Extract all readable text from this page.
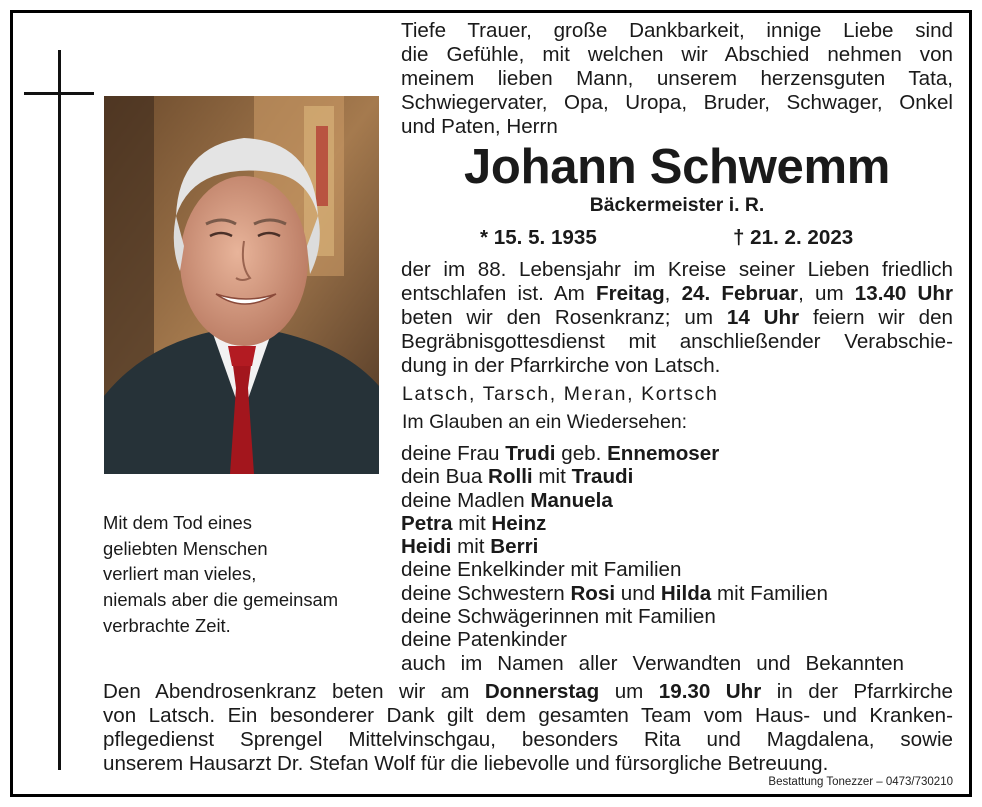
Mit dem Tod eines
geliebten Menschen
verliert man vieles,
niemals aber die gemeinsam
verbrachte Zeit.
Tiefe Trauer, große Dankbarkeit, innige Liebe sind
die Gefühle, mit welchen wir Abschied nehmen von
meinem lieben Mann, unserem herzensguten Tata,
Schwiegervater, Opa, Uropa, Bruder, Schwager, Onkel
und Paten, Herrn
Johann Schwemm
Bäckermeister i. R.
* 15. 5. 1935	† 21. 2. 2023
der im 88. Lebensjahr im Kreise seiner Lieben friedlich
entschlafen ist. Am Freitag, 24. Februar, um 13.40 Uhr
beten wir den Rosenkranz; um 14 Uhr feiern wir den
Begräbnisgottesdienst mit anschließender Verabschie-
dung in der Pfarrkirche von Latsch.
Latsch, Tarsch, Meran, Kortsch
Im Glauben an ein Wiedersehen:
deine Frau Trudi geb. Ennemoser
dein Bua Rolli mit Traudi
deine Madlen Manuela
Petra mit Heinz
Heidi mit Berri
deine Enkelkinder mit Familien
deine Schwestern Rosi und Hilda mit Familien
deine Schwägerinnen mit Familien
deine Patenkinder
auch im Namen aller Verwandten und Bekannten
Den Abendrosenkranz beten wir am Donnerstag um 19.30 Uhr in der Pfarrkirche
von Latsch. Ein besonderer Dank gilt dem gesamten Team vom Haus- und Kranken-
pflegedienst Sprengel Mittelvinschgau, besonders Rita und Magdalena, sowie
unserem Hausarzt Dr. Stefan Wolf für die liebevolle und fürsorgliche Betreuung.
Bestattung Tonezzer – 0473/730210
